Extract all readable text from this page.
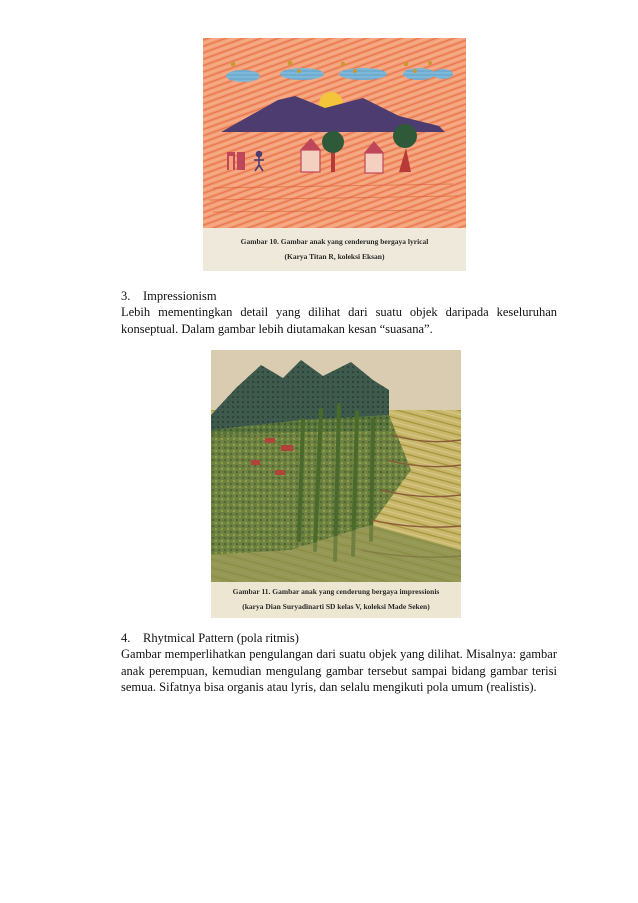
Gambar 10. Gambar anak yang cenderung bergaya lyrical
(Karya Titan R, koleksi Eksan)

3. Impressionism

Lebih mementingkan detail yang dilihat dari suatu objek daripada keseluruhan konseptual. Dalam gambar lebih diutamakan kesan “suasana”.

Gambar 11. Gambar anak yang cenderung bergaya impressionis
(karya Dian Suryadinarti SD kelas V, koleksi Made Seken)

4. Rhytmical Pattern (pola ritmis)

Gambar memperlihatkan pengulangan dari suatu objek yang dilihat. Misalnya: gambar anak perempuan, kemudian mengulang gambar tersebut sampai bidang gambar terisi semua. Sifatnya bisa organis atau lyris, dan selalu mengikuti pola umum (realistis).
